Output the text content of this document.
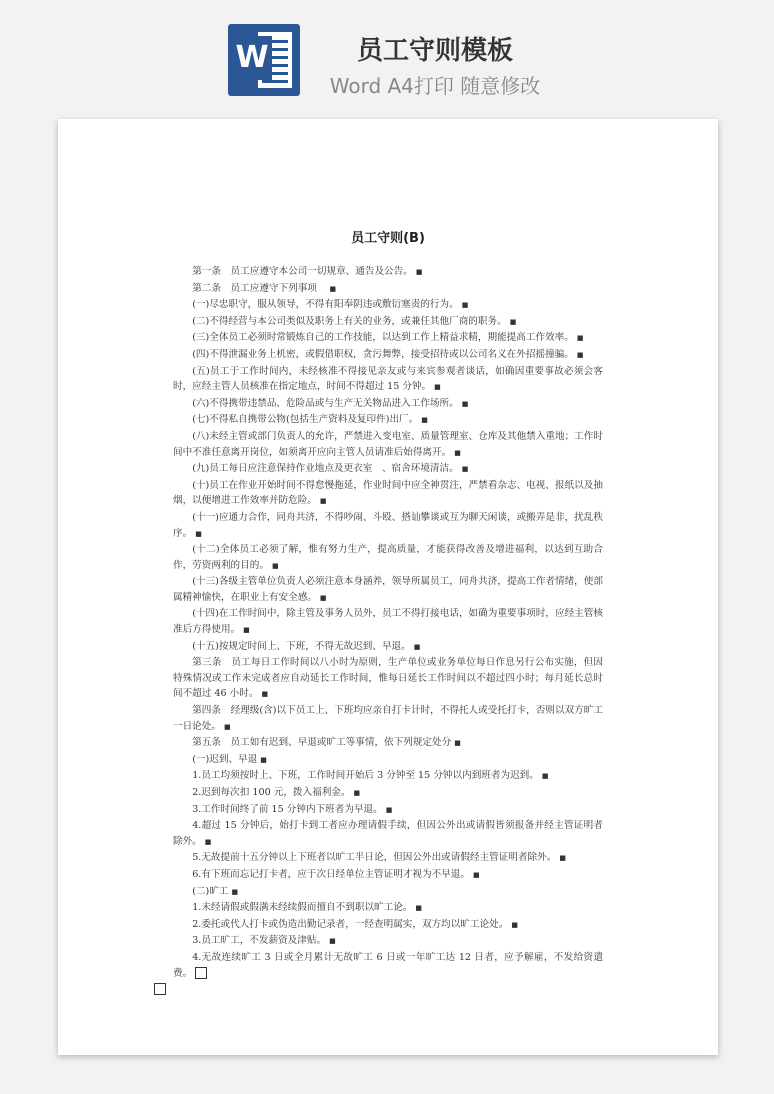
W	员工守则模板
Word A4打印 随意修改
员工守则(B)

第一条　员工应遵守本公司一切规章、通告及公告。 ■

第二条　员工应遵守下列事项　■

(一)尽忠职守，服从领导，不得有阳奉阴违或敷衍塞责的行为。 ■

(二)不得经营与本公司类似及职务上有关的业务，或兼任其他厂商的职务。 ■

(三)全体员工必须时常锻炼自己的工作技能，以达到工作上精益求精，期能提高工作效率。 ■

(四)不得泄漏业务上机密，或假借职权，贪污舞弊，接受招待或以公司名义在外招摇撞骗。 ■

(五)员工于工作时间内，未经核准不得接见亲友或与来宾参观者谈话，如确因重要事故必须会客时，应经主管人员核准在指定地点，时间不得超过 15 分钟。 ■

(六)不得携带违禁品、危险品或与生产无关物品进入工作场所。 ■

(七)不得私自携带公物(包括生产资料及复印件)出厂。 ■

(八)未经主管或部门负责人的允许，严禁进入变电室、质量管理室、仓库及其他禁入重地；工作时间中不准任意离开岗位，如须离开应向主管人员请准后始得离开。 ■

(九)员工每日应注意保持作业地点及更衣室　、宿舍环境清洁。 ■

(十)员工在作业开始时间不得怠慢拖延，作业时间中应全神贯注，严禁看杂志、电视、报纸以及抽烟，以便增进工作效率并防危险。 ■

(十一)应通力合作，同舟共济，不得吵闹、斗殴、搭讪攀谈或互为聊天闲谈，或搬弄是非，扰乱秩序。 ■

(十二)全体员工必须了解，惟有努力生产，提高质量，才能获得改善及增进福利，以达到互助合作，劳资两利的目的。 ■

(十三)各级主管单位负责人必须注意本身涵养，领导所属员工，同舟共济，提高工作者情绪，使部属精神愉快，在职业上有安全感。 ■

(十四)在工作时间中，除主管及事务人员外，员工不得打接电话，如确为重要事项时，应经主管核准后方得使用。 ■

(十五)按规定时间上、下班，不得无故迟到、早退。 ■

第三条　员工每日工作时间以八小时为原则，生产单位或业务单位每日作息另行公布实施，但因特殊情况或工作未完成者应自动延长工作时间，惟每日延长工作时间以不超过四小时；每月延长总时间不超过 46 小时。 ■

第四条　经理级(含)以下员工上、下班均应亲自打卡计时，不得托人或受托打卡，否则以双方旷工一日论处。 ■

第五条　员工如有迟到、早退或旷工等事情，依下列规定处分 ■

(一)迟到、早退 ■

1.员工均须按时上、下班，工作时间开始后 3 分钟至 15 分钟以内到班者为迟到。 ■

2.迟到每次扣 100 元，拨入福利金。 ■

3.工作时间终了前 15 分钟内下班者为早退。 ■

4.超过 15 分钟后，始打卡到工者应办理请假手续，但因公外出或请假皆须报备并经主管证明者除外。 ■

5.无故提前十五分钟以上下班者以旷工半日论，但因公外出或请假经主管证明者除外。 ■

6.有下班而忘记打卡者，应于次日经单位主管证明才视为不早退。 ■

(二)旷工 ■

1.未经请假或假满未经续假而擅自不到职以旷工论。 ■

2.委托或代人打卡或伪造出勤记录者，一经查明属实，双方均以旷工论处。 ■

3.员工旷工，不发薪资及津贴。 ■

4.无故连续旷工 3 日或全月累计无故旷工 6 日或一年旷工达 12 日者，应予解雇，不发给资遣费。
